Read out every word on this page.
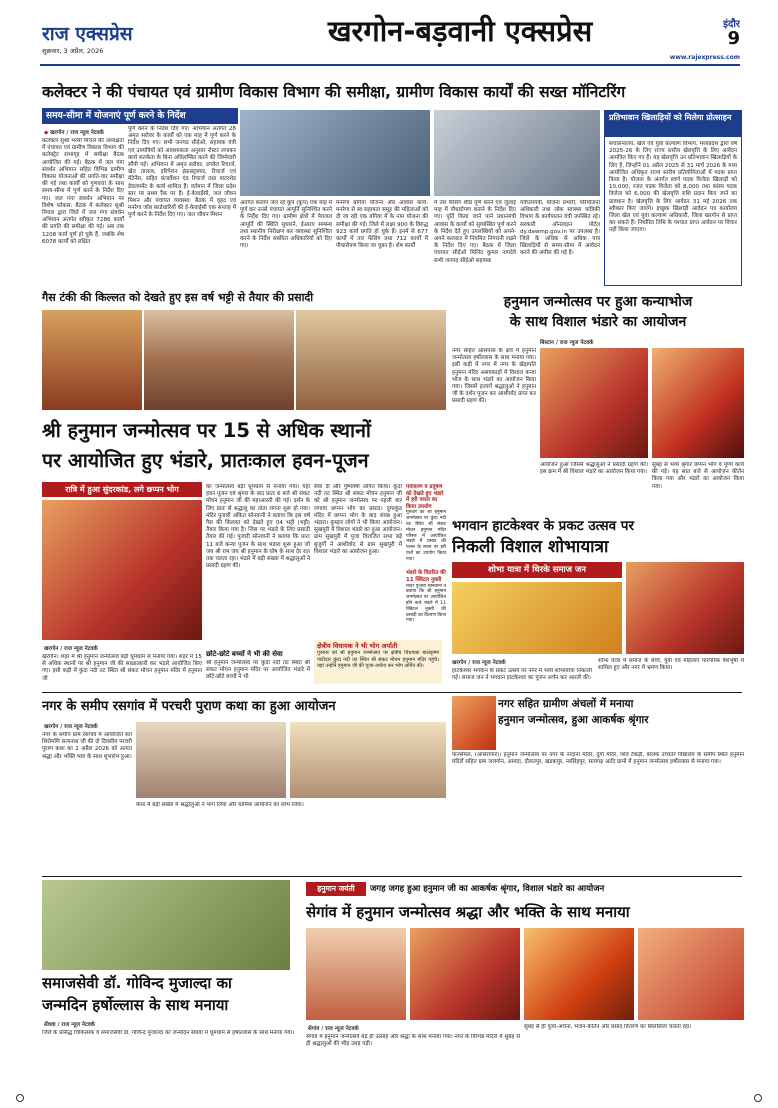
राज एक्सप्रेस
शुक्रवार, 3 अप्रैल, 2026
खरगोन-बड़वानी एक्सप्रेस	इंदौर
9
www.rajexpress.com
कलेक्टर ने की पंचायत एवं ग्रामीण विकास विभाग की समीक्षा, ग्रामीण विकास कार्यों की सख्त मॉनिटरिंग
समय-सीमा में योजनाएं पूर्ण करने के निर्देश
◆ खरगोन / राज न्यूज नेटवर्क
कलेक्टर सुश्री भव्या मित्तल की अध्यक्षता में पंचायत एवं ग्रामीण विकास विभाग की कलेक्ट्रेट सभागृह में समीक्षा बैठक आयोजित की गई। बैठक में जल गंगा संवर्धन अभियान सहित विभिन्न ग्रामीण विकास योजनाओं की प्रगति-वार समीक्षा की गई तथा कार्यों को गुणवत्ता के साथ समय-सीमा में पूर्ण करने के निर्देश दिए गए। जल गंगा संवर्धन अभियान पर विशेष फोकस: बैठक में कलेक्टर सुश्री मित्तल द्वारा जिले में जल गंगा संवर्धन अभियान अंतर्गत स्वीकृत 7286 कार्यों की प्रगति की समीक्षा की गई। अब तक 1208 कार्य पूर्ण हो चुके हैं, जबकि शेष 6078 कार्यों को लक्षित
पूर्ण करने के निर्देश दिए गए। अभियान अंतर्गत 28 अमृत सरोवर के कार्यों को एक माह में पूर्ण करने के निर्देश दिए गए। सभी जनपद सीईओ, सहायक यंत्री एवं उपयंत्रियों को आवश्यकता अनुसार रोस्टर लगाकर कार्य सतर्कता के बिना अविलम्बित करने की जिम्मेदारी सौंपी गई। अभियान में अमृत सरोवर, डगवेल रिचार्ज, खेत तालाब, इरिगेशन इंफ्रास्ट्रक्चर, रिचार्ज एवं मेंटेनेंस, सहित कंजर्वेशन एंड रिचार्ज तथा वाटरशेड डेवलपमेंट के कार्य शामिल हैं। वर्तमान में जिला प्रदेश स्तर पर प्रथम रैंक पर है। ई-केवाईसी, जल जीवन मिशन और पंचायत व्यवस्था: बैठक में वृहद एवं मनरेगा जॉब कार्डधारियों की ई-केवाईसी एक सप्ताह में पूर्ण करने के निर्देश दिए गए। जल जीवन मिशन
अंतर्गत कलाप जल रहे कूप (कूप) एक माह में पूर्ण कर उनसे पंचायत आपूर्ति सुनिश्चित करने के निर्देश दिए गए। ग्रामीण क्षेत्रों में पेयजल आपूर्ति की स्थिति सुधारने, ईआरए सम्बन्ध तथा स्थानीय निरीक्षण कर व्यवस्था सुनिश्चित करने के निर्देश संबंधित अधिकारियों को दिए गए।
मनरेगा बगिया योजना और आवास कार्य: मनरेगा से स्व सहायता समूह की महिलाओं को दी जा रही एक बगिया में के नाम योजना की समीक्षा की गई। जिले में लक्ष्य 900 के विरुद्ध 923 कार्य प्रगति हो चुके हैं। इनमें से 677 कार्यों में तार फेंसिंग तथा 712 कार्यों में पौधारोपण किया जा चुका है। शेष कार्यों
में तार फेंसिंग शीघ्र पूर्ण करने एवं जुलाई माह में पौधारोपण कराने के निर्देश दिए गए। पूर्ति किया जाने पाने प्रधानमंत्री आवास के कार्यों को सुव्यस्थित पूर्ण करने के निर्देश देते हुए उपलब्धियों को अपने-अपने कलस्टर में नियमित निगरानी रखने के निर्देश दिए गए। बैठक में जिला पंचायत सीईओ मिलिंद कुमार नागदेवे सभी जनपद सीईओ सहायक
यंत्रीउपयंत्री, योजना प्रभारी, परियोजना अधिकारी तथा लोक स्वास्थ्य यांत्रिकी विभाग के कार्यपालन यंत्री उपस्थित रहे।सरकारी ऑनलाइन पोर्टल dy.dawmp.gov.in पर उपलब्ध है। जिले के अधिक से अधिक पात्र खिलाड़ियों से समय-सीमा में आवेदन करने की अपील की गई है।
प्रतिभावान खिलाड़ियों को मिलेगा प्रोत्साहन
संचालनालय, खेल एवं युवा कल्याण विभाग, मध्यप्रदेश द्वारा वर्ष 2025-26 के लिए राज्य स्तरीय खेलवृत्ति के लिए आवेदन आमंत्रित किए गए हैं। यह खेलवृत्ति उन प्रतिभावान खिलाड़ियों के लिए है, जिन्होंने 01 अप्रैल 2025 से 31 मार्च 2026 के मध्य आयोजित अधिकृत राज्य स्तरीय प्रतियोगिताओं में पदक प्राप्त किया है। योजना के अंतर्गत स्वर्ण पदक विजेता खिलाड़ी को 10,000, रजत पदक विजेता को 8,000 तथा कांस्य पदक विजेता को 6,000 की खेलवृत्ति राशि प्रदान किए जाने का प्रावधान है। खेलवृत्ति के लिए आवेदन 31 मई 2026 तक स्वीकार किए जाएंगे। इच्छुक खिलाड़ी आवेदन पत्र कार्यालय जिला खेल एवं युवा कल्याण अधिकारी, जिला खरगोन से प्राप्त कर सकते हैं। निर्धारित तिथि के पश्चात प्राप्त आवेदन पर विचार नहीं किया जाएगा।
गैस टंकी की किल्लत को देखते हुए इस वर्ष भट्टी से तैयार की प्रसादी	हनुमान जन्मोत्सव पर हुआ कन्याभोज
के साथ विशाल भंडारे का आयोजन
बिस्टान / राज न्यूज नेटवर्क
नगर सहित आसपास के क्षेत्र में हनुमान जन्मोत्सव हर्षोल्लास के साथ मनाया गया। इसी कड़ी में नगर में नगर के खेड़ापति हनुमान मंदिर असवकाहों में विशाल कन्या भोज के साथ भंडारे का आयोजन किया गया। जिसमें हजारों श्रद्धालुओं ने हनुमान जी के दर्शन पूजन कर आशीर्वाद प्राप्त कर प्रसादी ग्रहण की।
आयोजन हुआ जिसमें श्रद्धालुओं ने प्रसादी ग्रहण की। इस क्रम में श्री विशाल भंडारे का आयोजन किया गया।
सुबह से भव्य श्रृंगार छप्पन भोग व पूण्य कार्य की गई। यह सात बजे से आयोजन कीर्तन किया गया और भंडारे का आयोजन किया गया।
श्री हनुमान जन्मोत्सव पर 15 से अधिक स्थानों
पर आयोजित हुए भंडारे, प्रातःकाल हवन-पूजन
रात्रि में हुआ सुंदरकांड, लगे छप्पन भोग
खरगोन / राज न्यूज नेटवर्क
खरगोन। शहर में श्री हनुमान जन्मोत्सव बड़ी धूमधाम से मनाया गया। शहर में 15 से अधिक स्थानों पर श्री हनुमान जी की साक्षात्कारी कर भंडारे आयोजित किए गए। इसी कड़ी में कुंदा नदी तट स्थित श्री संकट मोचन हनुमान मंदिर में हनुमान जी
का जन्मोत्सव बड़ी धूमधाम से मनाया गया। यहां हवन पूजन एवं श्रृंगार के बाद प्रातः 6 बजे श्री संकट मोचन हनुमान जी की महाआरती की गई। दर्शन के लिए प्रातः से श्रद्धालु का तांता लगना शुरू हो गया। मंदिर पुजारी अंकित सोनवानी ने बताया कि इस वर्ष गैस की किल्लत को देखते हुए 04 भट्टी (भट्टी) तैयार किया गया है। जिस पर भंडारे के लिए प्रसादी तैयार की गई। पुजारी सोनवानी ने बताया कि प्रातः 11 बजे कन्या पूजन के साथ भंडारा शुरू हुआ जो जय श्री राम जय श्री हनुमान के घोष के साथ देर रात तक चलता रहा। भंडारे में बड़ी संख्या में श्रद्धालुओं ने प्रसादी ग्रहण की।
सेवा दी और पुष्पवर्षा अर्पित किया। कुंदा नदी तट स्थित श्री संकट मोचन हनुमान जी को श्री हनुमान जन्मोत्सव पर पहली बार लगाया छप्पन भोग का प्रसाद। दुग्धकुंड मंदिर में छप्पन भोग के बाद संपन्न हुआ भंडारा। कुम्हार लोगों ने भी किया आयोजन। सुखपुरी में विशाल भंडारे का हुआ आयोजन। ग्राम सुखपुरी में पुजा विराजित सभा बड़े बुजुर्गों ने आशीर्वाद से ग्राम सुखपुरी में विशाल भंडारे का आयोजन हुआ।
छोटे-छोटे बच्चों ने भी की सेवा
श्री हनुमान जन्मोत्सव पर कुंदा नदी तट स्थित श्री संकट मोचन हनुमान मंदिर पर आयोजित भंडारे में छोटे-छोटे बच्चों ने भी
क्षेत्रीय विधायक ने भी भोग अर्पाती
गुरुवार को श्री हनुमान जन्मोत्सव पर क्षेत्रीय विधायक बालकृष्ण पाटीदार कुंदा नदी तट स्थित श्री संकट मोचन हनुमान मंदिर पहुंचे। यहां उन्होंने हनुमान जी की पूजा-अर्चना कर भोग अर्पित की।
भगवान हाटकेश्वर के प्रकट उत्सव पर
निकली विशाल शोभायात्रा
शोभा यात्रा में थिरके समाज जन
खरगोन / राज न्यूज नेटवर्क
हाटकेश्वर भगवान के प्रकट उत्सव पर नगर में भव्य शोभायात्रा निकाली गई। समाज जन ने भगवान हाटकेश्वर का पूजन अर्चन कर आरती की।
शोभा यात्रा में समाज के बच्चे, युवा एवं महिलाएं पारंपरिक वेशभूषा में शामिल हुए और नगर में भ्रमण किया।
नगर के समीप रसगांव में परचरी पुराण कथा का हुआ आयोजन
खरगोन / राज न्यूज नेटवर्क
नगर के समीप ग्राम रसगांव में आयोजित संत शिरोमणि सत्यनाथ जी की दो दिवसीय परचरी पुराण कथा का 2 अप्रैल 2026 को अत्यंत श्रद्धा और भक्ति भाव के साथ शुभारंभ हुआ।
कथा में बड़ी संख्या में श्रद्धालुओं ने भाग लिया और धार्मिक आयोजन का लाभ लिया।
नगर सहित ग्रामीण अंचलों में मनाया
हनुमान जन्मोत्सव, हुआ आकर्षक श्रृंगार
पानसेमल, (आसरापार)। हनुमान जन्मोत्सव पर नगर के नादाना मंदिर, दुर्गा मंदिर, शिव टेकड़ी, बालक उच्चतर विद्यालय के समीप स्थित हनुमान मंदिरों सहित ग्राम जलगोन, आमदा, दौलतपुर, खडकपुर, नरसिंहपुर, सत्यगढ़ आदि ग्रामों में हनुमान जन्मोत्सव हर्षोल्लास से मनाया गया।
समाजसेवी डॉ. गोविन्द मुजाल्दा का
जन्मदिन हर्षोल्लास के साथ मनाया
सेंधवा / राज न्यूज नेटवर्क
जिले के प्रसिद्ध चिकित्सक व समाजसेवी डॉ. गोविन्द मुजाल्दा का जन्मदिन सेंधवा में धूमधाम से हर्षोल्लास के साथ मनाया गया।
हनुमान जयंती	जगह जगह हुआ हनुमान जी का आकर्षक श्रृंगार, विशाल भंडारे का आयोजन
सेगांव में हनुमान जन्मोत्सव श्रद्धा और भक्ति के साथ मनाया
सेगांव / राज न्यूज नेटवर्क
सेगांव में हनुमान जन्मोत्सव बड़े ही उत्साह और श्रद्धा के साथ मनाया गया। नगर के विभिन्न मंदिरों में सुबह से ही श्रद्धालुओं की भीड़ उमड़ पड़ी।
सुबह से ही पूजा-अर्चना, भजन-कीर्तन और प्रसाद वितरण का सिलसिला चलता रहा।
पर्यावरण व प्रदूषण को देखते हुए भंडारे में हरी पत्तल का किया उपयोग
गुरुवार को श्री हनुमान जन्मोत्सव पर कुंदा नदी तट स्थित श्री संकट मोचन हनुमान मंदिर परिसर में आयोजित भंडारे में प्रसाद की पत्तल के स्थान पर हरी पत्तों का उपयोग किया गया।
भंडारे के वितरित की 11 क्विंटल नुक्ती
मंदिर पुजारी सोनवानी ने बताया कि श्री हनुमान जन्मोत्सव पर आयोजित होने वाले भंडारे में 11 क्विंटल नुक्ती की प्रसादी का वितरण किया गया।
